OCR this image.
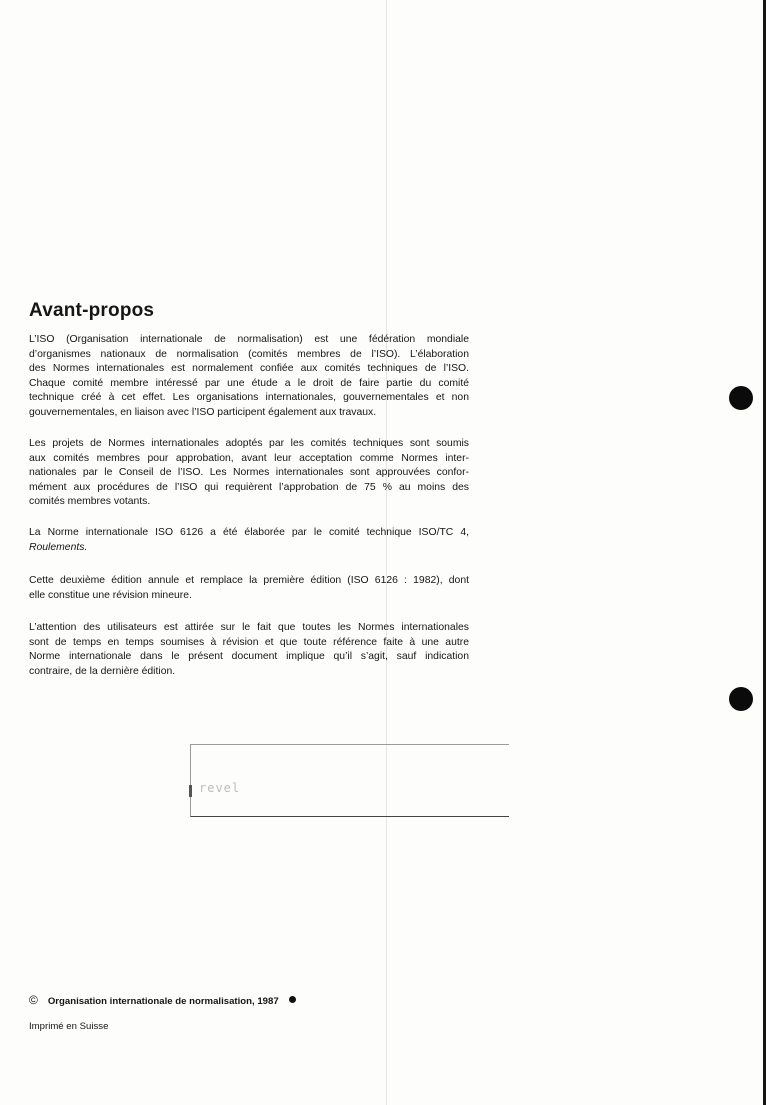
Avant-propos

L’ISO (Organisation internationale de normalisation) est une fédération mondiale
d’organismes nationaux de normalisation (comités membres de l’ISO). L’élaboration
des Normes internationales est normalement confiée aux comités techniques de l’ISO.
Chaque comité membre intéressé par une étude a le droit de faire partie du comité
technique créé à cet effet. Les organisations internationales, gouvernementales et non
gouvernementales, en liaison avec l’ISO participent également aux travaux.

Les projets de Normes internationales adoptés par les comités techniques sont soumis
aux comités membres pour approbation, avant leur acceptation comme Normes inter-
nationales par le Conseil de l’ISO. Les Normes internationales sont approuvées confor-
mément aux procédures de l’ISO qui requièrent l’approbation de 75 % au moins des
comités membres votants.

La Norme internationale ISO 6126 a été élaborée par le comité technique ISO/TC 4,
Roulements.

Cette deuxième édition annule et remplace la première édition (ISO 6126 : 1982), dont
elle constitue une révision mineure.

L’attention des utilisateurs est attirée sur le fait que toutes les Normes internationales
sont de temps en temps soumises à révision et que toute référence faite à une autre
Norme internationale dans le présent document implique qu’il s’agit, sauf indication
contraire, de la dernière édition.

revel
© Organisation internationale de normalisation, 1987
Imprimé en Suisse
